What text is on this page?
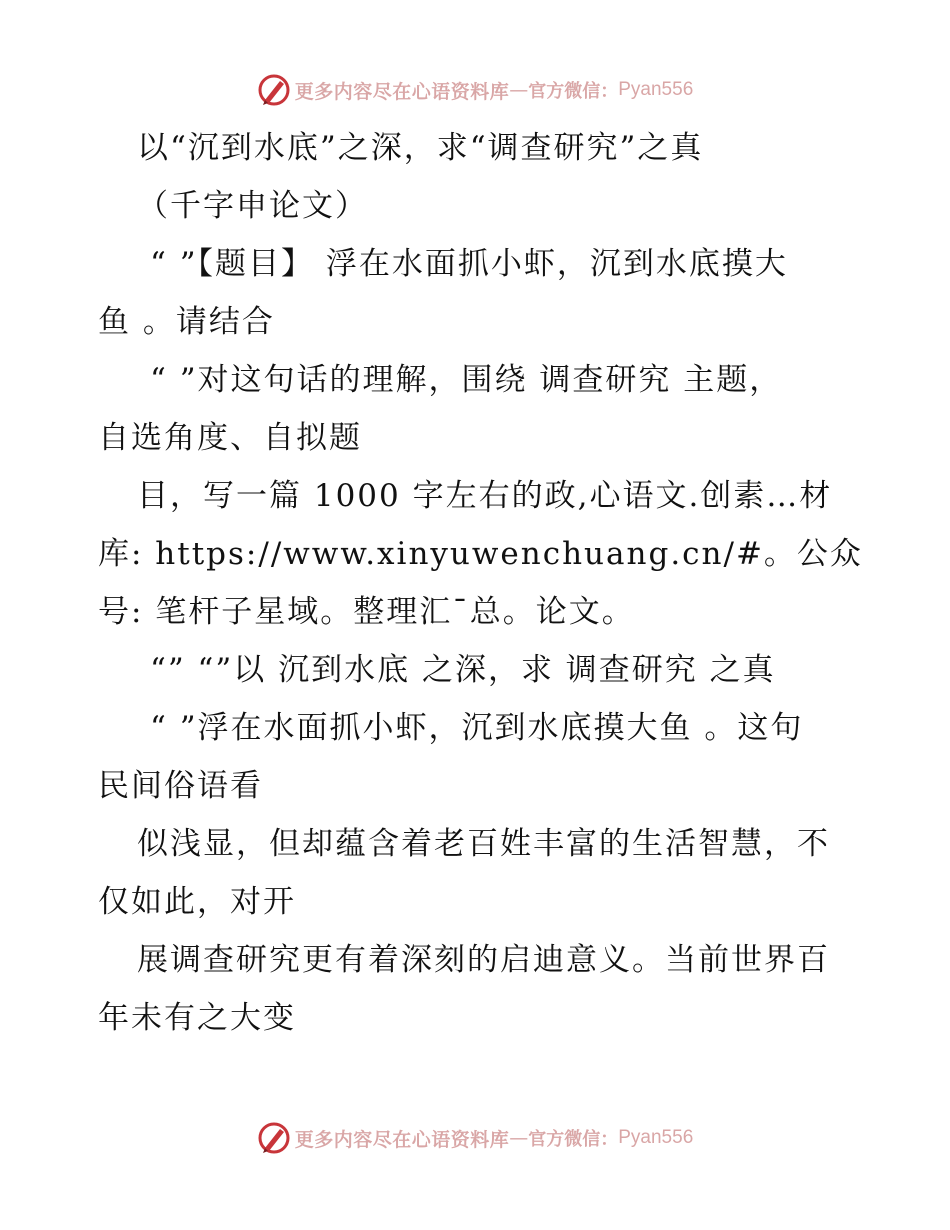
更多内容尽在心语资料库 — 官方微信： Pyan556
以“沉到水底”之深，求“调查研究”之真
（千字申论文）
“ ”【题目】 浮在水面抓小虾，沉到水底摸大
鱼 。请结合
“ ”对这句话的理解，围绕 调查研究 主题，
自选角度、自拟题
目，写一篇 1000 字左右的政,心语文.创素…材
库: https://www.xinyuwenchuang.cn/#。公众
号: 笔杆子星域。整理汇¯总。论文。
“” “”以 沉到水底 之深，求 调查研究 之真
“ ”浮在水面抓小虾，沉到水底摸大鱼 。这句
民间俗语看
似浅显，但却蕴含着老百姓丰富的生活智慧，不
仅如此，对开
展调查研究更有着深刻的启迪意义。当前世界百
年未有之大变
更多内容尽在心语资料库 — 官方微信： Pyan556
